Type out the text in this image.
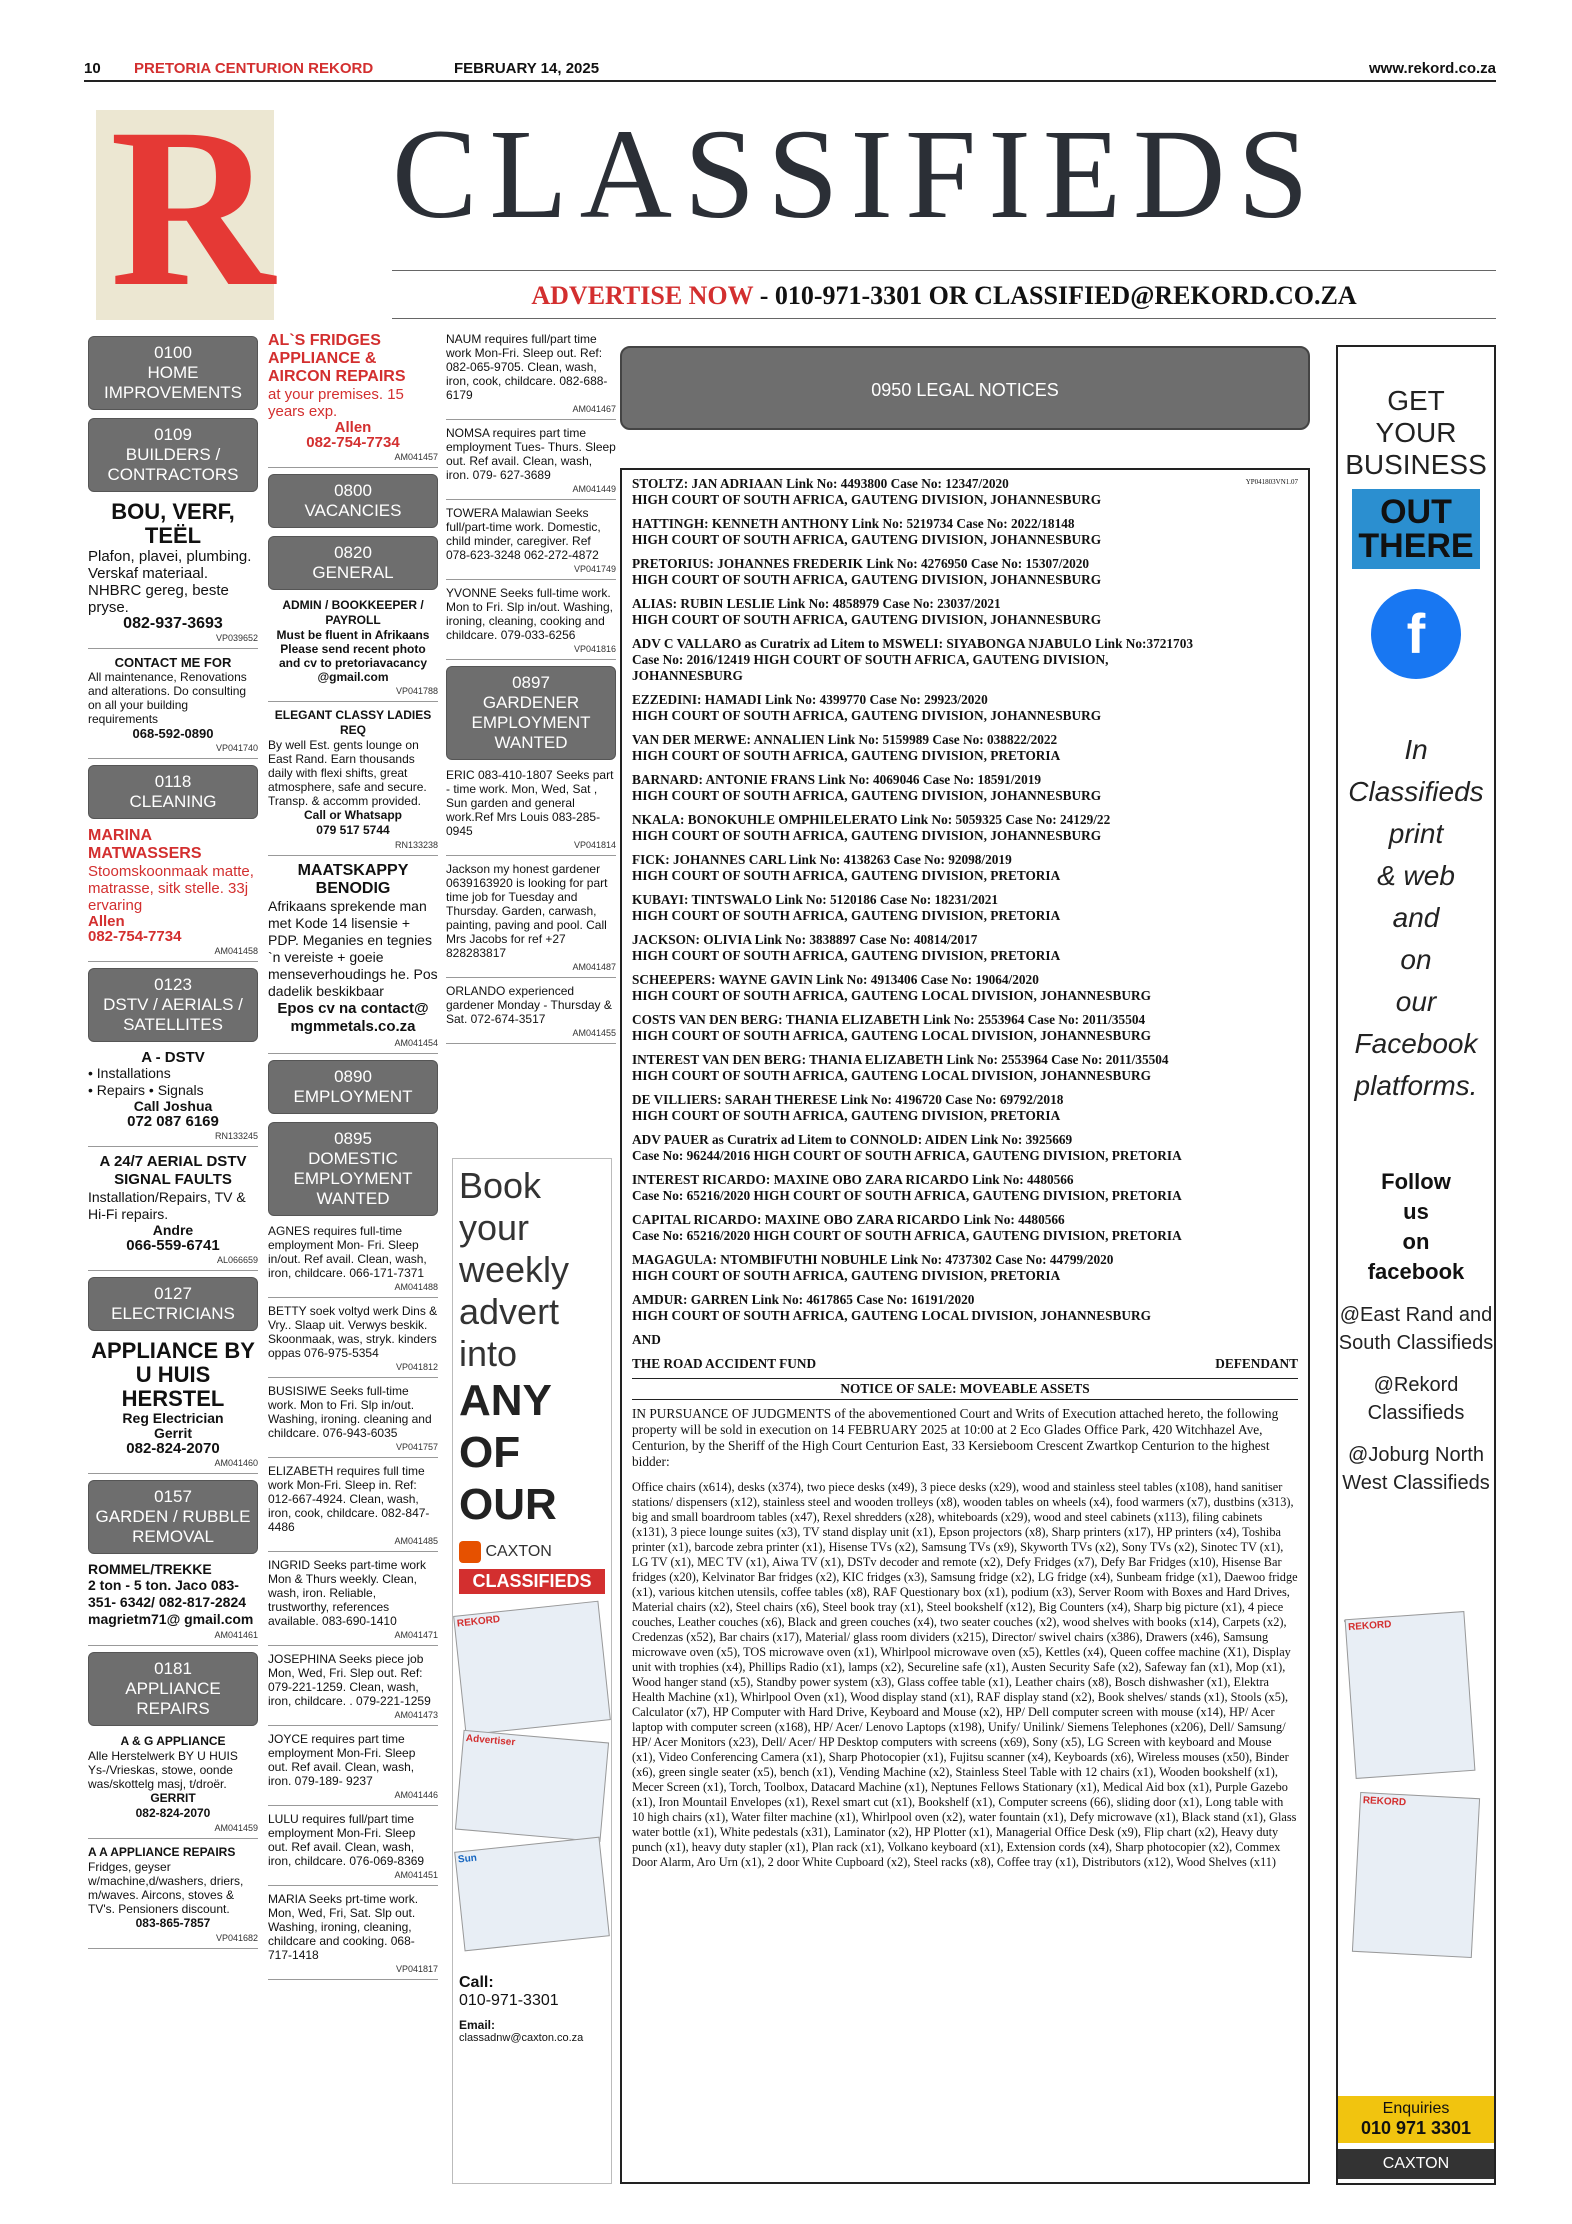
10 PRETORIA CENTURION REKORD	FEBRUARY 14, 2025	www.rekord.co.za
R CLASSIFIEDS
ADVERTISE NOW - 010-971-3301 OR CLASSIFIED@REKORD.CO.ZA
0100
HOME
IMPROVEMENTS
0109
BUILDERS /
CONTRACTORS
BOU, VERF, TEËL
Plafon, plavei, plumbing. Verskaf materiaal. NHBRC gereg, beste pryse.
082-937-3693
VP039652
CONTACT ME FOR
All maintenance, Renovations and alterations. Do consulting on all your building requirements
068-592-0890
VP041740
0118
CLEANING
MARINA MATWASSERS
Stoomskoonmaak matte, matrasse, sitk stelle. 33j ervaring
Allen
082-754-7734
AM041458
0123
DSTV / AERIALS /
SATELLITES
A - DSTV
• Installations
• Repairs • Signals
Call Joshua
072 087 6169
RN133245
A 24/7 AERIAL DSTV SIGNAL FAULTS
Installation/Repairs, TV & Hi-Fi repairs.
Andre
066-559-6741
AL066659
0127
ELECTRICIANS
APPLIANCE BY U HUIS HERSTEL
Reg Electrician
Gerrit
082-824-2070
AM041460
0157
GARDEN / RUBBLE
REMOVAL
ROMMEL/TREKKE
2 ton - 5 ton. Jaco 083-351- 6342/ 082-817-2824 magrietm71@ gmail.com
AM041461
0181
APPLIANCE REPAIRS
A & G APPLIANCE
Alle Herstelwerk BY U HUIS Ys-/Vrieskas, stowe, oonde was/skottelg masj, t/droër.
GERRIT
082-824-2070
AM041459
A A APPLIANCE REPAIRS
Fridges, geyser w/machine,d/washers, driers, m/waves. Aircons, stoves & TV's. Pensioners discount.
083-865-7857
VP041682
AL`S FRIDGES APPLIANCE & AIRCON REPAIRS
at your premises. 15 years exp.
Allen
082-754-7734
AM041457
0800
VACANCIES
0820
GENERAL
ADMIN / BOOKKEEPER / PAYROLL
Must be fluent in Afrikaans Please send recent photo and cv to pretoriavacancy @gmail.com
VP041788
ELEGANT CLASSY LADIES REQ
By well Est. gents lounge on East Rand. Earn thousands daily with flexi shifts, great atmosphere, safe and secure. Transp. & accomm provided.
Call or Whatsapp
079 517 5744
RN133238
MAATSKAPPY BENODIG
Afrikaans sprekende man met Kode 14 lisensie + PDP. Meganies en tegnies `n vereiste + goeie menseverhoudings he. Pos dadelik beskikbaar
Epos cv na contact@ mgmmetals.co.za
AM041454
0890
EMPLOYMENT
0895
DOMESTIC
EMPLOYMENT
WANTED
AGNES requires full-time employment Mon- Fri. Sleep in/out. Ref avail. Clean, wash, iron, childcare. 066-171-7371
AM041488
BETTY soek voltyd werk Dins & Vry.. Slaap uit. Verwys beskik. Skoonmaak, was, stryk. kinders oppas 076-975-5354
VP041812
BUSISIWE Seeks full-time work. Mon to Fri. Slp in/out. Washing, ironing. cleaning and childcare. 076-943-6035
VP041757
ELIZABETH requires full time work Mon-Fri. Sleep in. Ref: 012-667-4924. Clean, wash, iron, cook, childcare. 082-847-4486
AM041485
INGRID Seeks part-time work Mon & Thurs weekly. Clean, wash, iron. Reliable, trustworthy, references available. 083-690-1410
AM041471
JOSEPHINA Seeks piece job Mon, Wed, Fri. Slep out. Ref: 079-221-1259. Clean, wash, iron, childcare. . 079-221-1259
AM041473
JOYCE requires part time employment Mon-Fri. Sleep out. Ref avail. Clean, wash, iron. 079-189- 9237
AM041446
LULU requires full/part time employment Mon-Fri. Sleep out. Ref avail. Clean, wash, iron, childcare. 076-069-8369
AM041451
MARIA Seeks prt-time work. Mon, Wed, Fri, Sat. Slp out. Washing, ironing, cleaning, childcare and cooking. 068-717-1418
VP041817
NAUM requires full/part time work Mon-Fri. Sleep out. Ref: 082-065-9705. Clean, wash, iron, cook, childcare. 082-688-6179
AM041467
NOMSA requires part time employment Tues- Thurs. Sleep out. Ref avail. Clean, wash, iron. 079- 627-3689
AM041449
TOWERA Malawian Seeks full/part-time work. Domestic, child minder, caregiver. Ref 078-623-3248 062-272-4872
VP041749
YVONNE Seeks full-time work. Mon to Fri. Slp in/out. Washing, ironing, cleaning, cooking and childcare. 079-033-6256
VP041816
0897
GARDENER
EMPLOYMENT
WANTED
ERIC 083-410-1807 Seeks part - time work. Mon, Wed, Sat , Sun garden and general work.Ref Mrs Louis 083-285-0945
VP041814
Jackson my honest gardener 0639163920 is looking for part time job for Tuesday and Thursday. Garden, carwash, painting, paving and pool. Call Mrs Jacobs for ref +27 828283817
AM041487
ORLANDO experienced gardener Monday - Thursday & Sat. 072-674-3517
AM041455
Book
your
weekly
advert
into
ANY
OF
OUR
CAXTON
CLASSIFIEDS
REKORD
Advertiser
Sun
Call:
010-971-3301
Email:
classadnw@caxton.co.za
0950 LEGAL NOTICES
YP041803VN1.07
STOLTZ: JAN ADRIAAN Link No: 4493800 Case No: 12347/2020
HIGH COURT OF SOUTH AFRICA, GAUTENG DIVISION, JOHANNESBURG
HATTINGH: KENNETH ANTHONY Link No: 5219734 Case No: 2022/18148
HIGH COURT OF SOUTH AFRICA, GAUTENG DIVISION, JOHANNESBURG
PRETORIUS: JOHANNES FREDERIK Link No: 4276950 Case No: 15307/2020
HIGH COURT OF SOUTH AFRICA, GAUTENG DIVISION, JOHANNESBURG
ALIAS: RUBIN LESLIE Link No: 4858979 Case No: 23037/2021
HIGH COURT OF SOUTH AFRICA, GAUTENG DIVISION, JOHANNESBURG
ADV C VALLARO as Curatrix ad Litem to MSWELI: SIYABONGA NJABULO Link No:3721703
Case No: 2016/12419 HIGH COURT OF SOUTH AFRICA, GAUTENG DIVISION,
JOHANNESBURG
EZZEDINI: HAMADI Link No: 4399770 Case No: 29923/2020
HIGH COURT OF SOUTH AFRICA, GAUTENG DIVISION, JOHANNESBURG
VAN DER MERWE: ANNALIEN Link No: 5159989 Case No: 038822/2022
HIGH COURT OF SOUTH AFRICA, GAUTENG DIVISION, PRETORIA
BARNARD: ANTONIE FRANS Link No: 4069046 Case No: 18591/2019
HIGH COURT OF SOUTH AFRICA, GAUTENG DIVISION, JOHANNESBURG
NKALA: BONOKUHLE OMPHILELERATO Link No: 5059325 Case No: 24129/22
HIGH COURT OF SOUTH AFRICA, GAUTENG DIVISION, JOHANNESBURG
FICK: JOHANNES CARL Link No: 4138263 Case No: 92098/2019
HIGH COURT OF SOUTH AFRICA, GAUTENG DIVISION, PRETORIA
KUBAYI: TINTSWALO Link No: 5120186 Case No: 18231/2021
HIGH COURT OF SOUTH AFRICA, GAUTENG DIVISION, PRETORIA
JACKSON: OLIVIA Link No: 3838897 Case No: 40814/2017
HIGH COURT OF SOUTH AFRICA, GAUTENG DIVISION, PRETORIA
SCHEEPERS: WAYNE GAVIN Link No: 4913406 Case No: 19064/2020
HIGH COURT OF SOUTH AFRICA, GAUTENG LOCAL DIVISION, JOHANNESBURG
COSTS VAN DEN BERG: THANIA ELIZABETH Link No: 2553964 Case No: 2011/35504
HIGH COURT OF SOUTH AFRICA, GAUTENG LOCAL DIVISION, JOHANNESBURG
INTEREST VAN DEN BERG: THANIA ELIZABETH Link No: 2553964 Case No: 2011/35504
HIGH COURT OF SOUTH AFRICA, GAUTENG LOCAL DIVISION, JOHANNESBURG
DE VILLIERS: SARAH THERESE Link No: 4196720 Case No: 69792/2018
HIGH COURT OF SOUTH AFRICA, GAUTENG DIVISION, PRETORIA
ADV PAUER as Curatrix ad Litem to CONNOLD: AIDEN Link No: 3925669
Case No: 96244/2016 HIGH COURT OF SOUTH AFRICA, GAUTENG DIVISION, PRETORIA
INTEREST RICARDO: MAXINE OBO ZARA RICARDO Link No: 4480566
Case No: 65216/2020 HIGH COURT OF SOUTH AFRICA, GAUTENG DIVISION, PRETORIA
CAPITAL RICARDO: MAXINE OBO ZARA RICARDO Link No: 4480566
Case No: 65216/2020 HIGH COURT OF SOUTH AFRICA, GAUTENG DIVISION, PRETORIA
MAGAGULA: NTOMBIFUTHI NOBUHLE Link No: 4737302 Case No: 44799/2020
HIGH COURT OF SOUTH AFRICA, GAUTENG DIVISION, PRETORIA
AMDUR: GARREN Link No: 4617865 Case No: 16191/2020
HIGH COURT OF SOUTH AFRICA, GAUTENG LOCAL DIVISION, JOHANNESBURG
AND
THE ROAD ACCIDENT FUND	DEFENDANT
NOTICE OF SALE: MOVEABLE ASSETS
IN PURSUANCE OF JUDGMENTS of the abovementioned Court and Writs of Execution attached hereto, the following property will be sold in execution on 14 FEBRUARY 2025 at 10:00 at 2 Eco Glades Office Park, 420 Witchhazel Ave, Centurion, by the Sheriff of the High Court Centurion East, 33 Kersieboom Crescent Zwartkop Centurion to the highest bidder:
Office chairs (x614), desks (x374), two piece desks (x49), 3 piece desks (x29), wood and stainless steel tables (x108), hand sanitiser stations/ dispensers (x12), stainless steel and wooden trolleys (x8), wooden tables on wheels (x4), food warmers (x7), dustbins (x313), big and small boardroom tables (x47), Rexel shredders (x28), whiteboards (x29), wood and steel cabinets (x113), filing cabinets (x131), 3 piece lounge suites (x3), TV stand display unit (x1), Epson projectors (x8), Sharp printers (x17), HP printers (x4), Toshiba printer (x1), barcode zebra printer (x1), Hisense TVs (x2), Samsung TVs (x9), Skyworth TVs (x2), Sony TVs (x2), Sinotec TV (x1), LG TV (x1), MEC TV (x1), Aiwa TV (x1), DSTv decoder and remote (x2), Defy Fridges (x7), Defy Bar Fridges (x10), Hisense Bar fridges (x20), Kelvinator Bar fridges (x2), KIC fridges (x3), Samsung fridge (x2), LG fridge (x4), Sunbeam fridge (x1), Daewoo fridge (x1), various kitchen utensils, coffee tables (x8), RAF Questionary box (x1), podium (x3), Server Room with Boxes and Hard Drives, Material chairs (x2), Steel chairs (x6), Steel book tray (x1), Steel bookshelf (x12), Big Counters (x4), Sharp big picture (x1), 4 piece couches, Leather couches (x6), Black and green couches (x4), two seater couches (x2), wood shelves with books (x14), Carpets (x2), Credenzas (x52), Bar chairs (x17), Material/ glass room dividers (x215), Director/ swivel chairs (x386), Drawers (x46), Samsung microwave oven (x5), TOS microwave oven (x1), Whirlpool microwave oven (x5), Kettles (x4), Queen coffee machine (X1), Display unit with trophies (x4), Phillips Radio (x1), lamps (x2), Secureline safe (x1), Austen Security Safe (x2), Safeway fan (x1), Mop (x1), Wood hanger stand (x5), Standby power system (x3), Glass coffee table (x1), Leather chairs (x8), Bosch dishwasher (x1), Elektra Health Machine (x1), Whirlpool Oven (x1), Wood display stand (x1), RAF display stand (x2), Book shelves/ stands (x1), Stools (x5), Calculator (x7), HP Computer with Hard Drive, Keyboard and Mouse (x2), HP/ Dell computer screen with mouse (x14), HP/ Acer laptop with computer screen (x168), HP/ Acer/ Lenovo Laptops (x198), Unify/ Unilink/ Siemens Telephones (x206), Dell/ Samsung/ HP/ Acer Monitors (x23), Dell/ Acer/ HP Desktop computers with screens (x69), Sony (x5), LG Screen with keyboard and Mouse (x1), Video Conferencing Camera (x1), Sharp Photocopier (x1), Fujitsu scanner (x4), Keyboards (x6), Wireless mouses (x50), Binder (x6), green single seater (x5), bench (x1), Vending Machine (x2), Stainless Steel Table with 12 chairs (x1), Wooden bookshelf (x1), Mecer Screen (x1), Torch, Toolbox, Datacard Machine (x1), Neptunes Fellows Stationary (x1), Medical Aid box (x1), Purple Gazebo (x1), Iron Mountail Envelopes (x1), Rexel smart cut (x1), Bookshelf (x1), Computer screens (66), sliding door (x1), Long table with 10 high chairs (x1), Water filter machine (x1), Whirlpool oven (x2), water fountain (x1), Defy microwave (x1), Black stand (x1), Glass water bottle (x1), White pedestals (x31), Laminator (x2), HP Plotter (x1), Managerial Office Desk (x9), Flip chart (x2), Heavy duty punch (x1), heavy duty stapler (x1), Plan rack (x1), Volkano keyboard (x1), Extension cords (x4), Sharp photocopier (x2), Commex Door Alarm, Aro Urn (x1), 2 door White Cupboard (x2), Steel racks (x8), Coffee tray (x1), Distributors (x12), Wood Shelves (x11)
GET
YOUR
BUSINESS
OUT
THERE
f
In
Classifieds
print
& web
and
on
our
Facebook
platforms.
Follow
us
on
facebook
@East Rand and South Classifieds
@Rekord Classifieds
@Joburg North West Classifieds
Enquiries
010 971 3301
CAXTON
REKORD
REKORD
